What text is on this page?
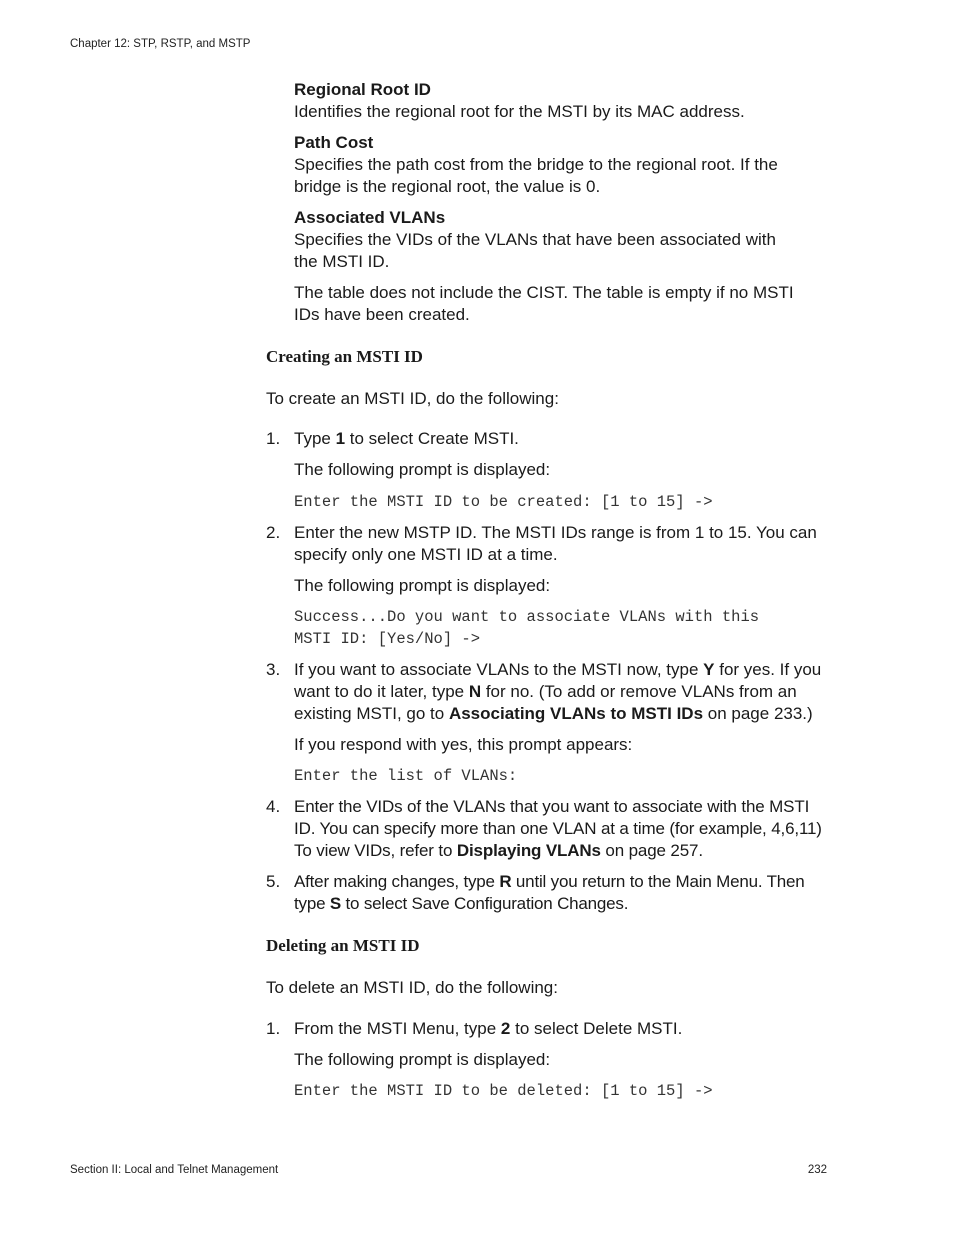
Chapter 12: STP, RSTP, and MSTP
Regional Root ID
Identifies the regional root for the MSTI by its MAC address.
Path Cost
Specifies the path cost from the bridge to the regional root. If the bridge is the regional root, the value is 0.
Associated VLANs
Specifies the VIDs of the VLANs that have been associated with the MSTI ID.
The table does not include the CIST. The table is empty if no MSTI IDs have been created.
Creating an MSTI ID
To create an MSTI ID, do the following:
1. Type 1 to select Create MSTI.
The following prompt is displayed:
Enter the MSTI ID to be created: [1 to 15] ->
2. Enter the new MSTP ID. The MSTI IDs range is from 1 to 15. You can specify only one MSTI ID at a time.
The following prompt is displayed:
Success...Do you want to associate VLANs with this
MSTI ID: [Yes/No] ->
3. If you want to associate VLANs to the MSTI now, type Y for yes. If you want to do it later, type N for no. (To add or remove VLANs from an existing MSTI, go to Associating VLANs to MSTI IDs on page 233.)
If you respond with yes, this prompt appears:
Enter the list of VLANs:
4. Enter the VIDs of the VLANs that you want to associate with the MSTI ID. You can specify more than one VLAN at a time (for example, 4,6,11) To view VIDs, refer to Displaying VLANs on page 257.
5. After making changes, type R until you return to the Main Menu. Then type S to select Save Configuration Changes.
Deleting an MSTI ID
To delete an MSTI ID, do the following:
1. From the MSTI Menu, type 2 to select Delete MSTI.
The following prompt is displayed:
Enter the MSTI ID to be deleted: [1 to 15] ->
Section II: Local and Telnet Management	232
